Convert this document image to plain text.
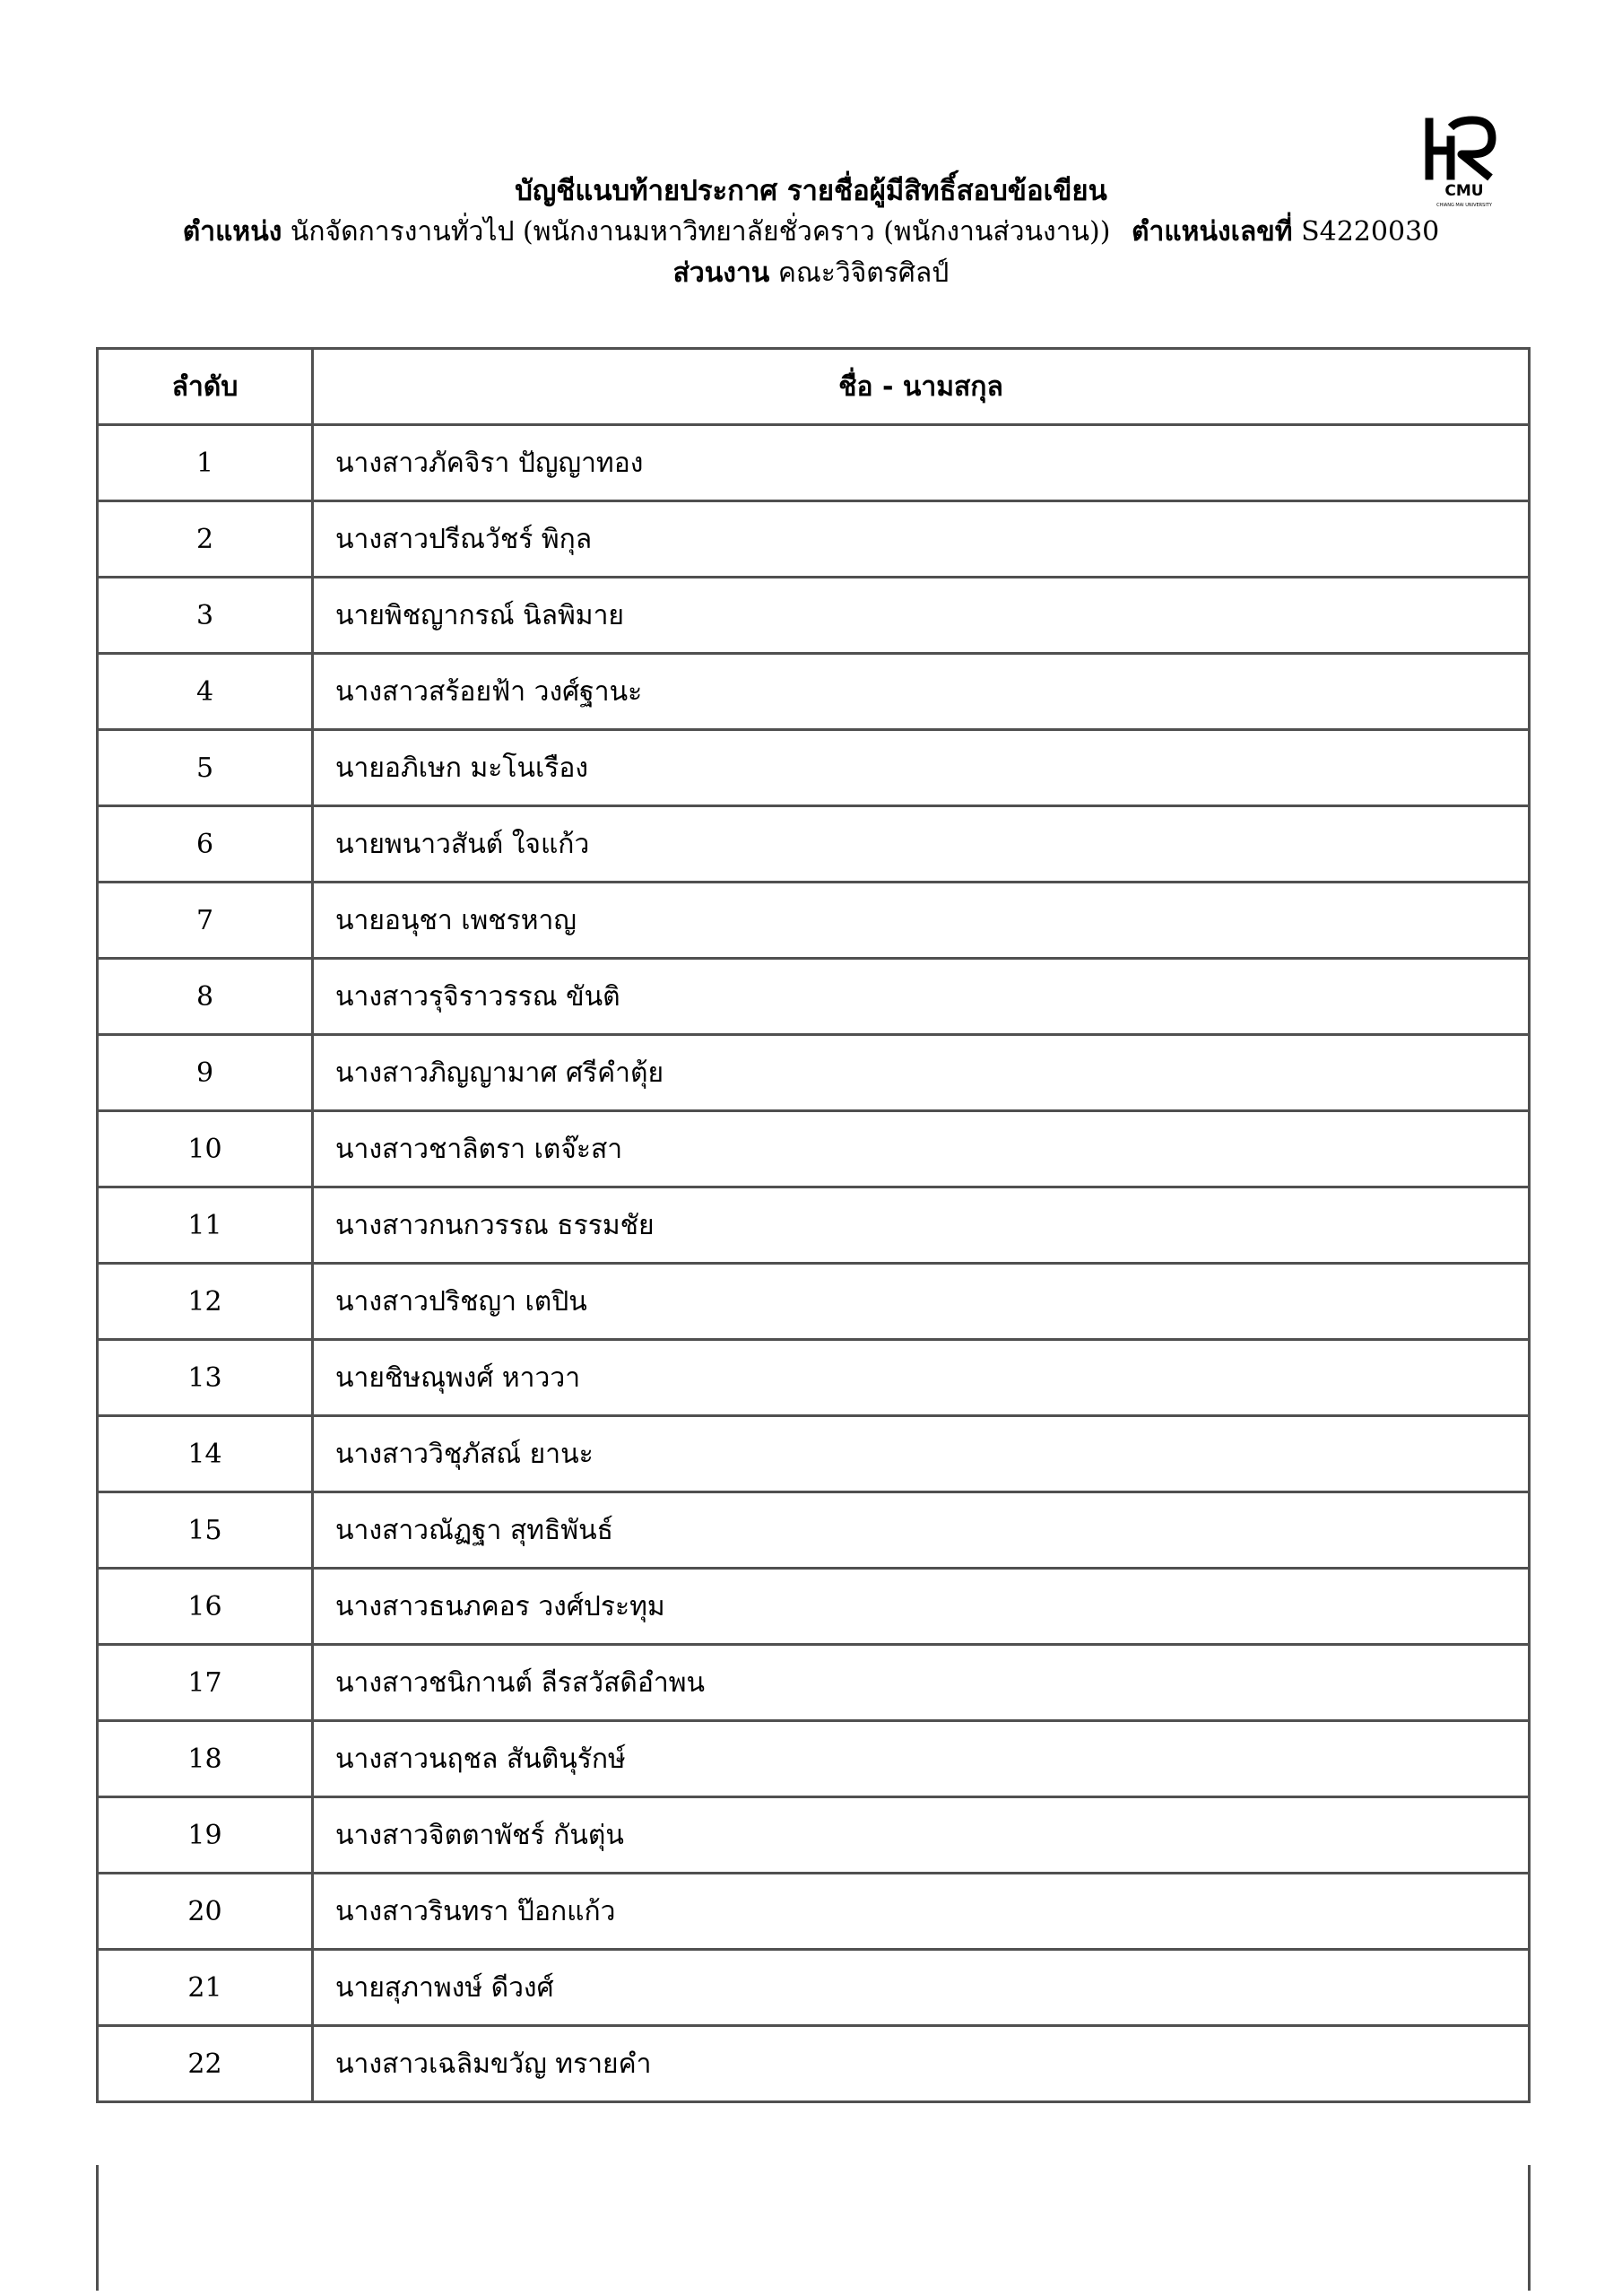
CMU
CHIANG MAI UNIVERSITY
บัญชีแนบท้ายประกาศ รายชื่อผู้มีสิทธิ์สอบข้อเขียน
ตำแหน่ง นักจัดการงานทั่วไป (พนักงานมหาวิทยาลัยชั่วคราว (พนักงานส่วนงาน)) ตำแหน่งเลขที่ S4220030
ส่วนงาน คณะวิจิตรศิลป์
ลำดับ	ชื่อ - นามสกุล
1	นางสาวภัคจิรา ปัญญาทอง
2	นางสาวปรีณวัชร์ พิกุล
3	นายพิชญากรณ์ นิลพิมาย
4	นางสาวสร้อยฟ้า วงศ์ฐานะ
5	นายอภิเษก มะโนเรือง
6	นายพนาวสันต์ ใจแก้ว
7	นายอนุชา เพชรหาญ
8	นางสาวรุจิราวรรณ ขันติ
9	นางสาวภิญญามาศ ศรีคำตุ้ย
10	นางสาวชาลิตรา เตจ๊ะสา
11	นางสาวกนกวรรณ ธรรมชัย
12	นางสาวปริชญา เตปิน
13	นายชิษณุพงศ์ หาววา
14	นางสาววิชุภัสณ์ ยานะ
15	นางสาวณัฏฐา สุทธิพันธ์
16	นางสาวธนภคอร วงศ์ประทุม
17	นางสาวชนิกานต์ ลีรสวัสดิอำพน
18	นางสาวนฤชล สันตินุรักษ์
19	นางสาวจิตตาพัชร์ กันตุ่น
20	นางสาวรินทรา ป๊อกแก้ว
21	นายสุภาพงษ์ ดีวงศ์
22	นางสาวเฉลิมขวัญ ทรายคำ
